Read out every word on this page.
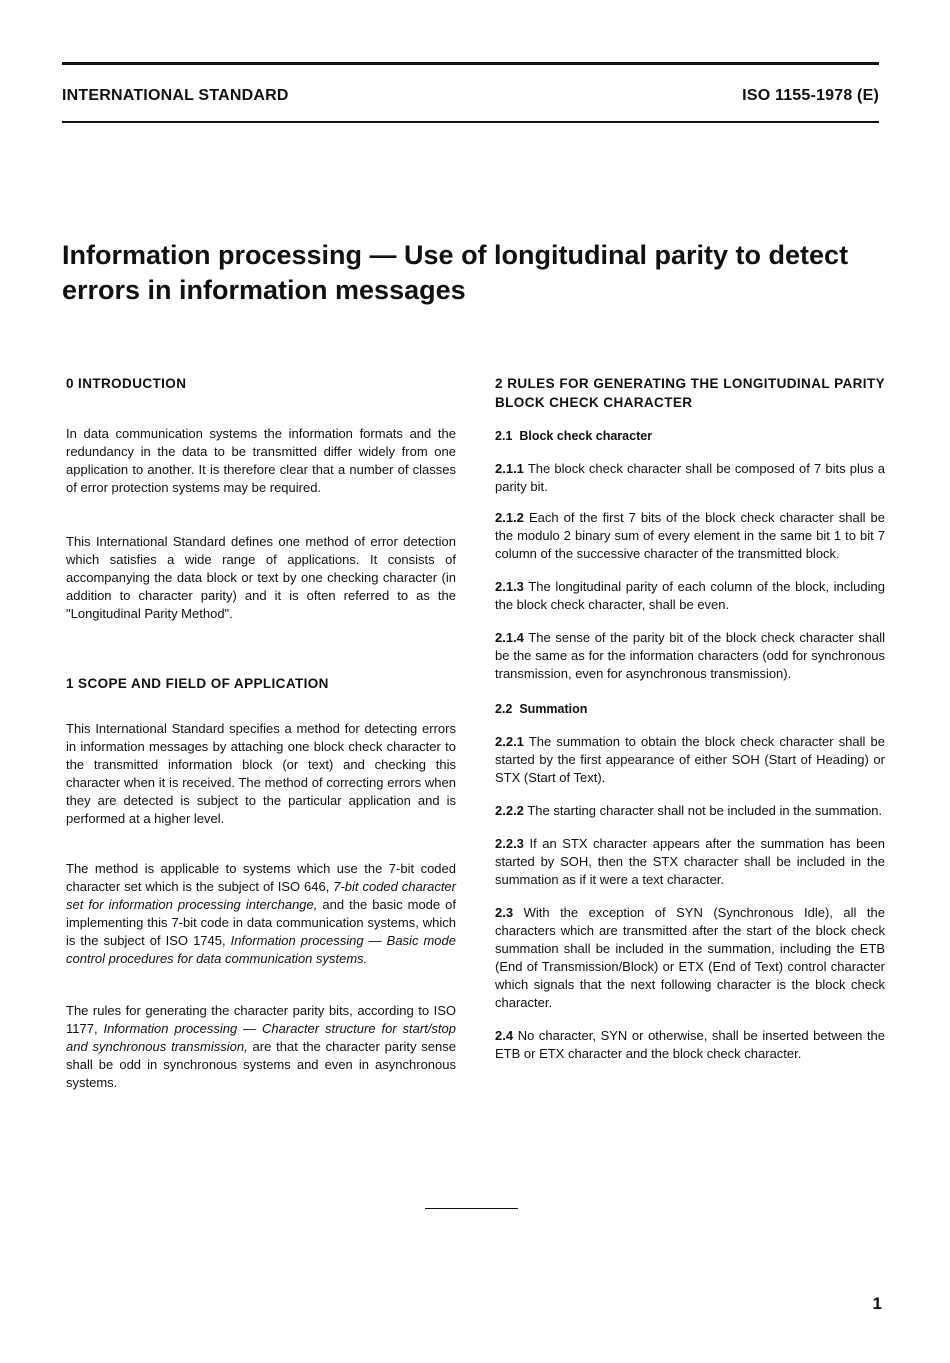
INTERNATIONAL STANDARD	ISO 1155-1978 (E)
Information processing — Use of longitudinal parity to detect
errors in information messages

0 INTRODUCTION

In data communication systems the information formats and the redundancy in the data to be transmitted differ widely from one application to another. It is therefore clear that a number of classes of error protection systems may be required.

This International Standard defines one method of error detection which satisfies a wide range of applications. It consists of accompanying the data block or text by one checking character (in addition to character parity) and it is often referred to as the "Longitudinal Parity Method".

1 SCOPE AND FIELD OF APPLICATION

This International Standard specifies a method for detecting errors in information messages by attaching one block check character to the transmitted information block (or text) and checking this character when it is received. The method of correcting errors when they are detected is subject to the particular application and is performed at a higher level.

The method is applicable to systems which use the 7-bit coded character set which is the subject of ISO 646, 7-bit coded character set for information processing interchange, and the basic mode of implementing this 7-bit code in data communication systems, which is the subject of ISO 1745, Information processing — Basic mode control procedures for data communication systems.

The rules for generating the character parity bits, according to ISO 1177, Information processing — Character structure for start/stop and synchronous transmission, are that the character parity sense shall be odd in synchronous systems and even in asynchronous systems.

2 RULES FOR GENERATING THE LONGITUDINAL PARITY BLOCK CHECK CHARACTER

2.1 Block check character

2.1.1 The block check character shall be composed of 7 bits plus a parity bit.

2.1.2 Each of the first 7 bits of the block check character shall be the modulo 2 binary sum of every element in the same bit 1 to bit 7 column of the successive character of the transmitted block.

2.1.3 The longitudinal parity of each column of the block, including the block check character, shall be even.

2.1.4 The sense of the parity bit of the block check character shall be the same as for the information characters (odd for synchronous transmission, even for asynchronous transmission).

2.2 Summation

2.2.1 The summation to obtain the block check character shall be started by the first appearance of either SOH (Start of Heading) or STX (Start of Text).

2.2.2 The starting character shall not be included in the summation.

2.2.3 If an STX character appears after the summation has been started by SOH, then the STX character shall be included in the summation as if it were a text character.

2.3 With the exception of SYN (Synchronous Idle), all the characters which are transmitted after the start of the block check summation shall be included in the summation, including the ETB (End of Transmission/Block) or ETX (End of Text) control character which signals that the next following character is the block check character.

2.4 No character, SYN or otherwise, shall be inserted between the ETB or ETX character and the block check character.

1
